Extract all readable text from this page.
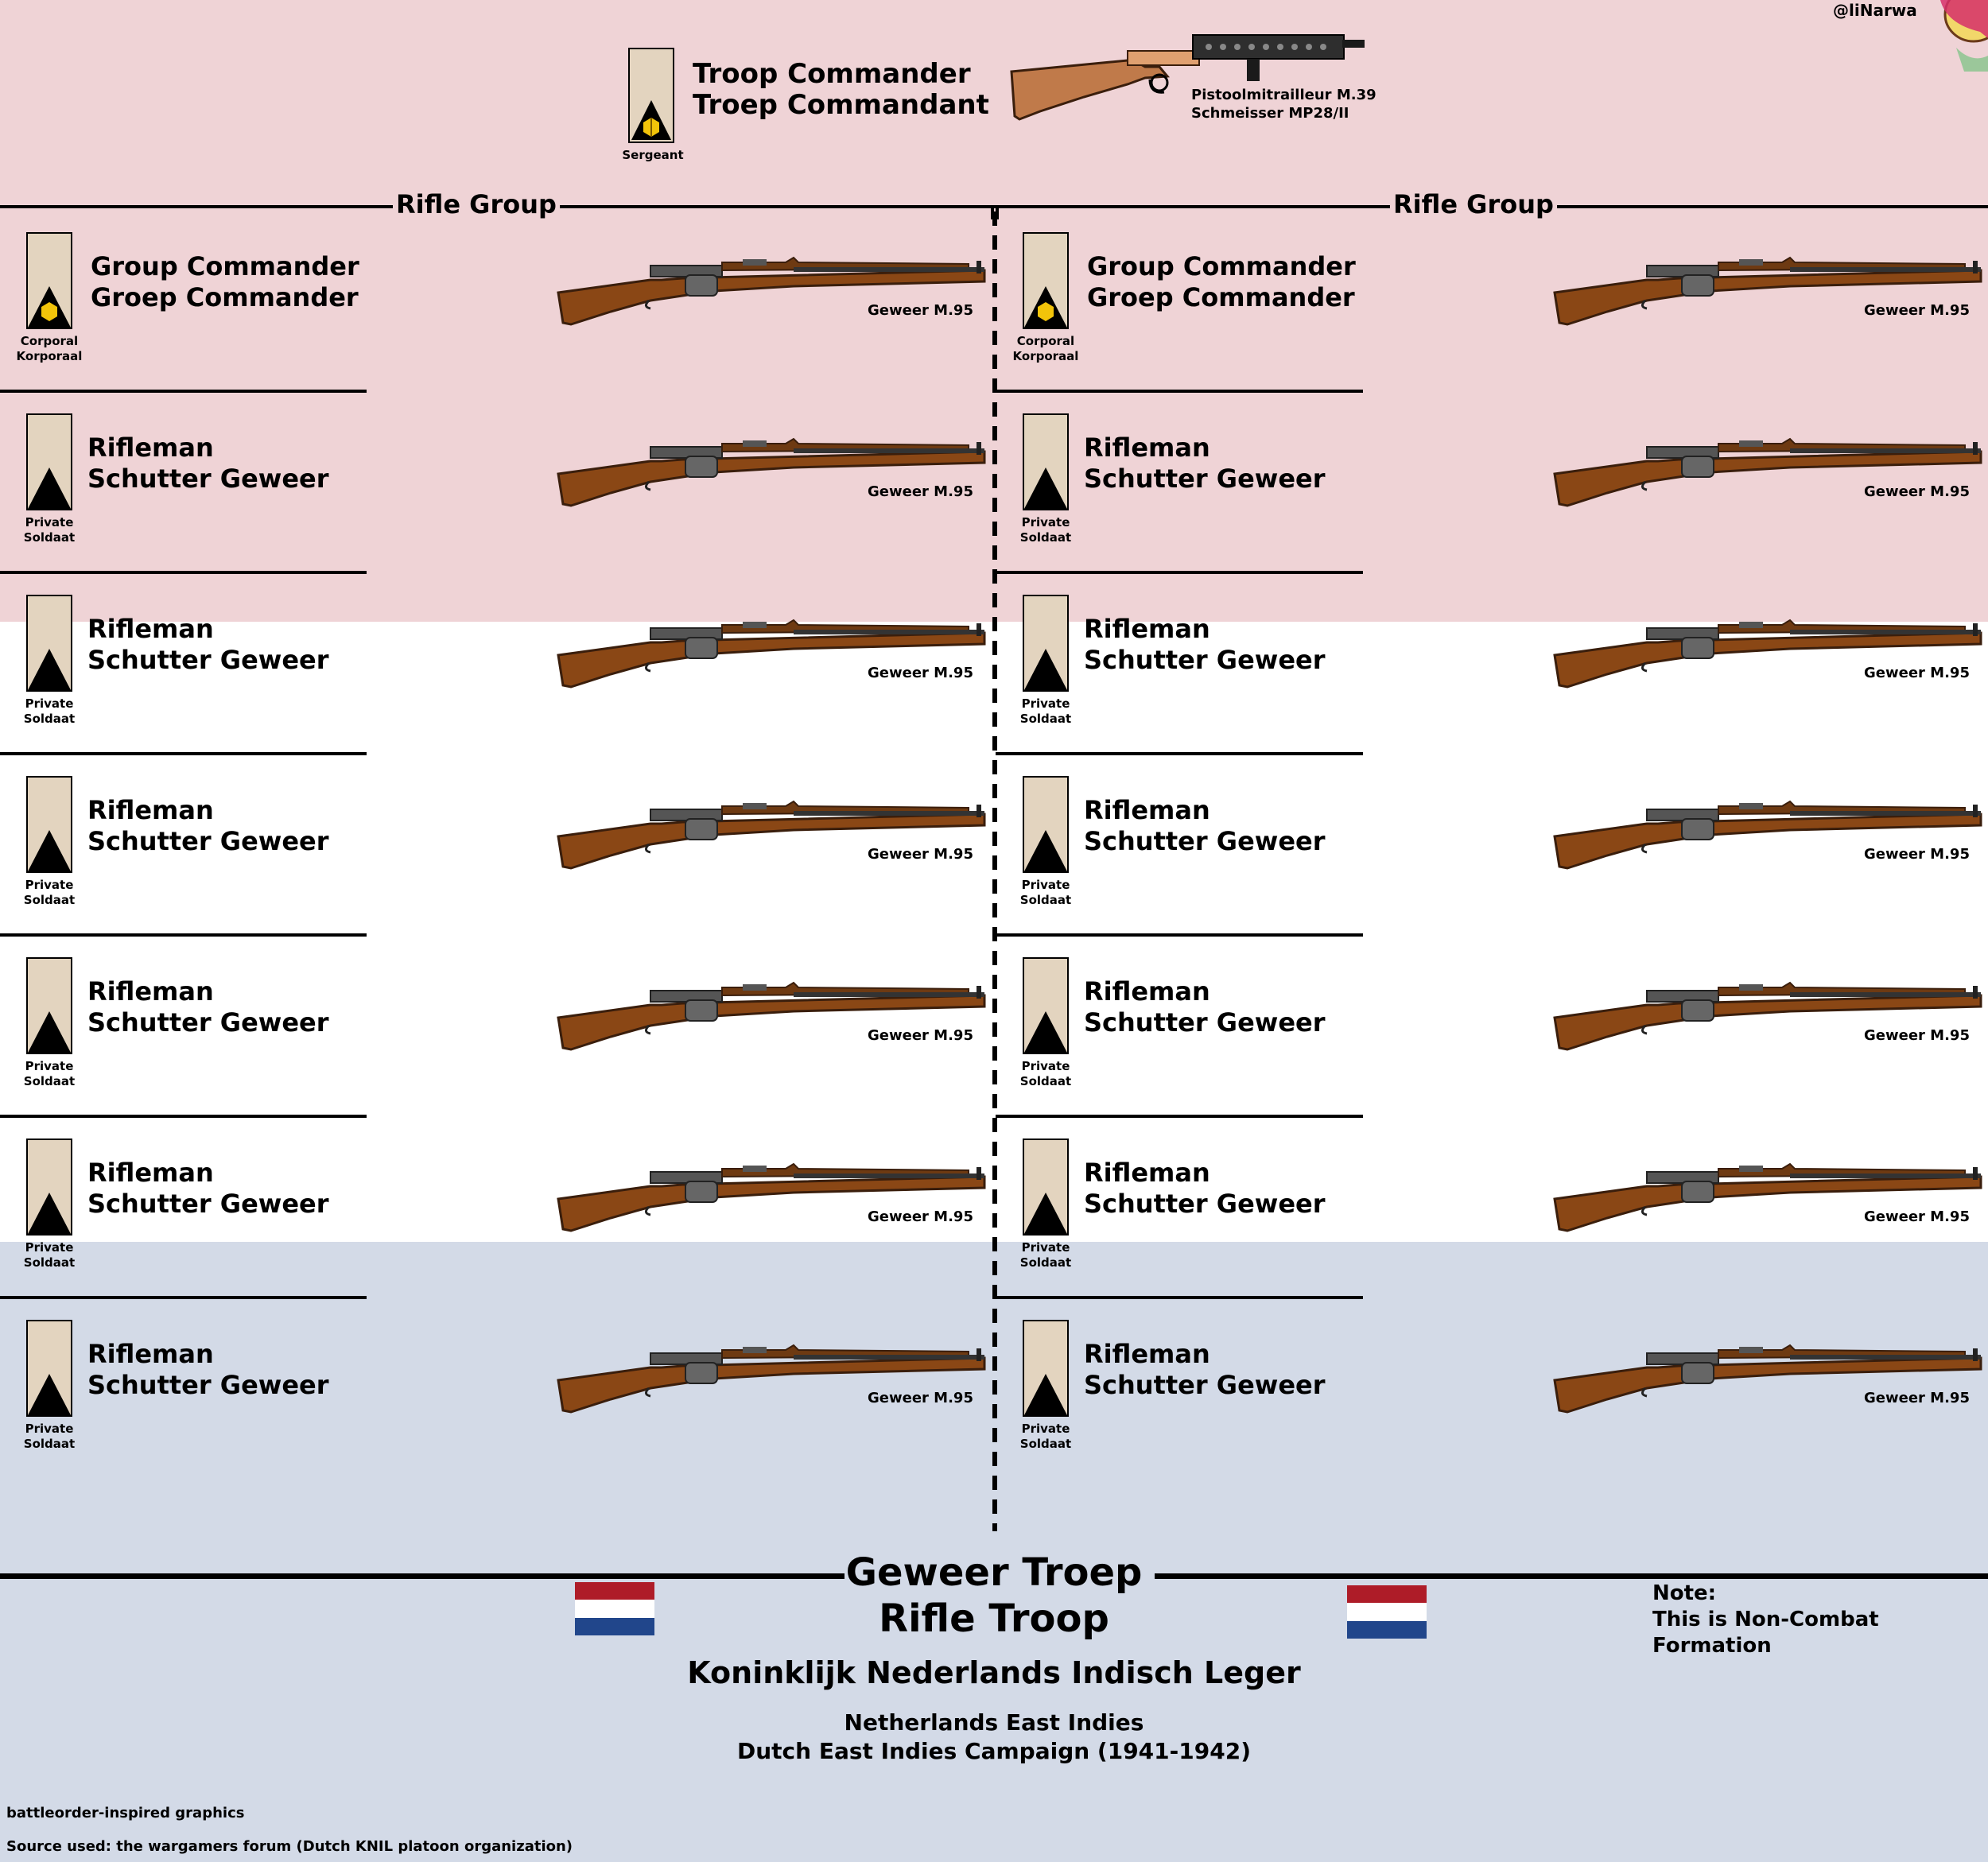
@liNarwa
Sergeant
Troop Commander
Troep Commandant	Pistoolmitrailleur M.39
Schmeisser MP28/II
Rifle Group	Rifle Group
Corporal
Korporaal
Group Commander
Groep Commander	Geweer M.95
Private
Soldaat
Rifleman
Schutter Geweer	Geweer M.95
Private
Soldaat
Rifleman
Schutter Geweer	Geweer M.95
Private
Soldaat
Rifleman
Schutter Geweer	Geweer M.95
Private
Soldaat
Rifleman
Schutter Geweer	Geweer M.95
Private
Soldaat
Rifleman
Schutter Geweer	Geweer M.95
Private
Soldaat
Rifleman
Schutter Geweer	Geweer M.95
Corporal
Korporaal
Group Commander
Groep Commander	Geweer M.95
Private
Soldaat
Rifleman
Schutter Geweer	Geweer M.95
Private
Soldaat
Rifleman
Schutter Geweer	Geweer M.95
Private
Soldaat
Rifleman
Schutter Geweer	Geweer M.95
Private
Soldaat
Rifleman
Schutter Geweer	Geweer M.95
Private
Soldaat
Rifleman
Schutter Geweer	Geweer M.95
Private
Soldaat
Rifleman
Schutter Geweer	Geweer M.95
Geweer Troep
Rifle Troop
Koninklijk Nederlands Indisch Leger
Netherlands East Indies
Dutch East Indies Campaign (1941-1942)
Note:
This is Non-Combat Formation
battleorder-inspired graphics
Source used: the wargamers forum (Dutch KNIL platoon organization)
